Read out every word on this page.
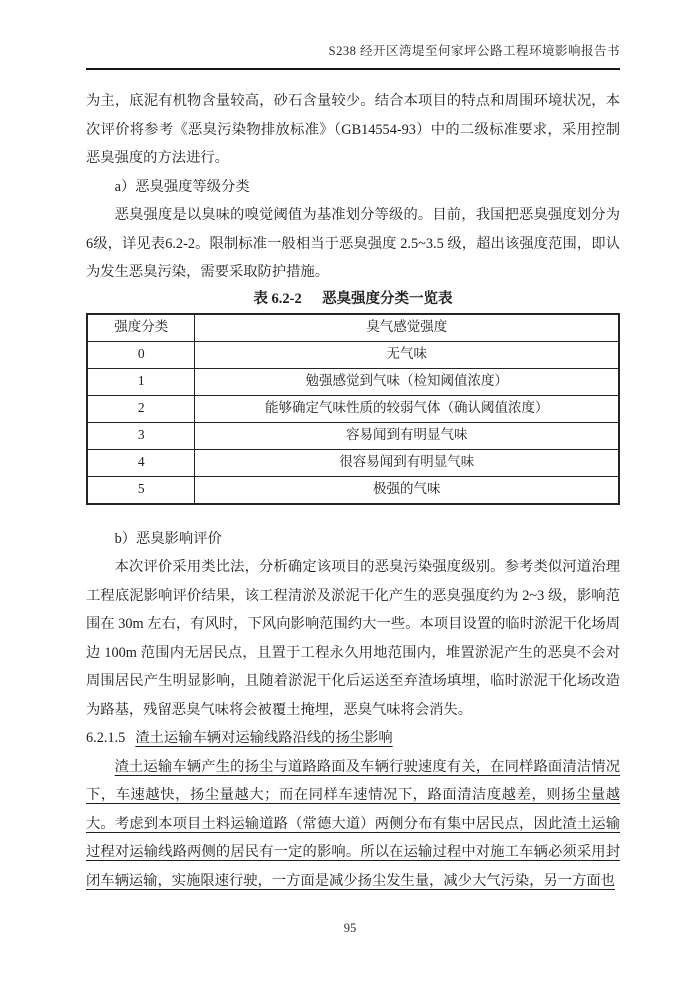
S238 经开区湾堤至何家坪公路工程环境影响报告书

为主，底泥有机物含量较高，砂石含量较少。结合本项目的特点和周围环境状况，本次评价将参考《恶臭污染物排放标准》（GB14554-93）中的二级标准要求，采用控制恶臭强度的方法进行。

a）恶臭强度等级分类

恶臭强度是以臭味的嗅觉阈值为基准划分等级的。目前，我国把恶臭强度划分为6级，详见表6.2-2。限制标准一般相当于恶臭强度 2.5~3.5 级，超出该强度范围，即认为发生恶臭污染，需要采取防护措施。

表 6.2-2 恶臭强度分类一览表
强度分类	臭气感觉强度
0	无气味
1	勉强感觉到气味（检知阈值浓度）
2	能够确定气味性质的较弱气体（确认阈值浓度）
3	容易闻到有明显气味
4	很容易闻到有明显气味
5	极强的气味

b）恶臭影响评价

本次评价采用类比法，分析确定该项目的恶臭污染强度级别。参考类似河道治理工程底泥影响评价结果，该工程清淤及淤泥干化产生的恶臭强度约为 2~3 级，影响范围在 30m 左右，有风时，下风向影响范围约大一些。本项目设置的临时淤泥干化场周边 100m 范围内无居民点，且置于工程永久用地范围内，堆置淤泥产生的恶臭不会对周围居民产生明显影响，且随着淤泥干化后运送至弃渣场填埋，临时淤泥干化场改造为路基，残留恶臭气味将会被覆土掩埋，恶臭气味将会消失。

6.2.1.5 渣土运输车辆对运输线路沿线的扬尘影响

渣土运输车辆产生的扬尘与道路路面及车辆行驶速度有关，在同样路面清洁情况下，车速越快，扬尘量越大；而在同样车速情况下，路面清洁度越差，则扬尘量越大。考虑到本项目土料运输道路（常德大道）两侧分布有集中居民点，因此渣土运输过程对运输线路两侧的居民有一定的影响。所以在运输过程中对施工车辆必须采用封闭车辆运输，实施限速行驶，一方面是减少扬尘发生量，减少大气污染，另一方面也

95
